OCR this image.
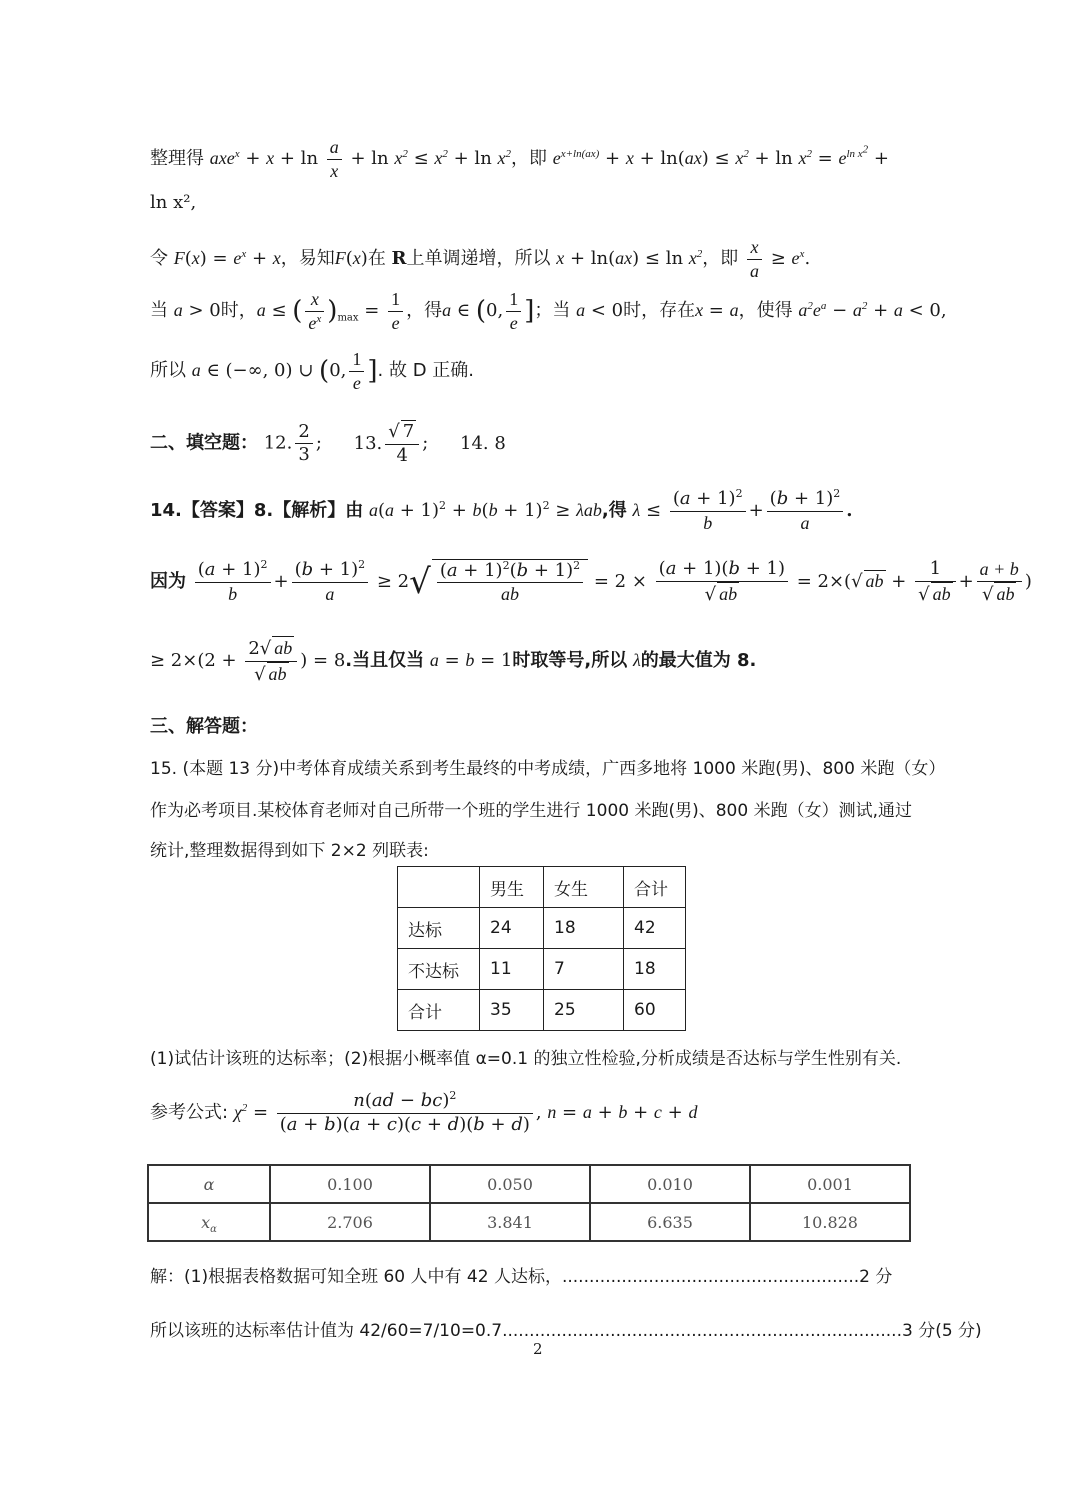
整理得 $axe^x + x + \ln \frac{a}{x} + \ln x^2 \le x^2 + \ln x^2$，即 $e^{x+ln(ax)} + x + \ln(ax) \le x^2 + \ln x^2 = e^{ln x^2}$ +
ln x²,
令 $F(x) = e^x + x$，易知F(x)在 R上单调递增，所以 $x + \ln(ax) \le \ln x^2$，即 $\frac{x}{a} \ge e^x$.
当 a > 0时，a ≤ ( $\frac{x}{e^x} )_{max} = \frac{1}{e}$ ，得a ∈ (0, $\frac{1}{e}$ ]；当 a < 0时，存在x = a，使得 $a^2e^a - a^2 + a < 0$,
所以 a ∈ (−∞, 0) ∪ (0, $\frac{1}{e}$ ]. 故 D 正确.
二、填空题： 12. $\frac{2}{3}$ ; 13. $\frac{√ 7}{4}$ ; 14. 8
14.【答案】8.【解析】由 $a(a + 1)^2 + b(b + 1)^2 \ge \lambda ab$,得 $\lambda \le \frac{(a + 1)^2}{b} + \frac{(b + 1)^2}{a}$ .
因为 $\frac{(a + 1)^2}{b} + \frac{(b + 1)^2}{a} \ge 2√ \frac{(a + 1)^2(b + 1)^2}{ab} = 2 \times \frac{(a + 1)(b + 1)}{√ ab} = 2\times(√$ ab + $\frac{1}{√ ab} + \frac{a + b}{√ ab}$ )
≥ $2\times(2 + \frac{2√ ab}{√ ab}$ ) = 8.当且仅当 a = b = 1时取等号,所以 λ的最大值为 8.
三、解答题：
15. (本题 13 分)中考体育成绩关系到考生最终的中考成绩，广西多地将 1000 米跑(男)、800 米跑（女）
作为必考项目.某校体育老师对自己所带一个班的学生进行 1000 米跑(男)、800 米跑（女）测试,通过
统计,整理数据得到如下 2×2 列联表:
	男生	女生	合计
达标	24	18	42
不达标	11	7	18
合计	35	25	60
(1)试估计该班的达标率；(2)根据小概率值 α=0.1 的独立性检验,分析成绩是否达标与学生性别有关.
参考公式: $\chi^2 = \frac{n(ad - bc)^2}{(a + b)(a + c)(c + d)(b + d)}$ , n = a + b + c + d
α	0.100	0.050	0.010	0.001
$x_\alpha$	2.706	3.841	6.635	10.828
解：(1)根据表格数据可知全班 60 人中有 42 人达标，.......................................................2 分
所以该班的达标率估计值为 42/60=7/10=0.7..........................................................................3 分(5 分)
2
